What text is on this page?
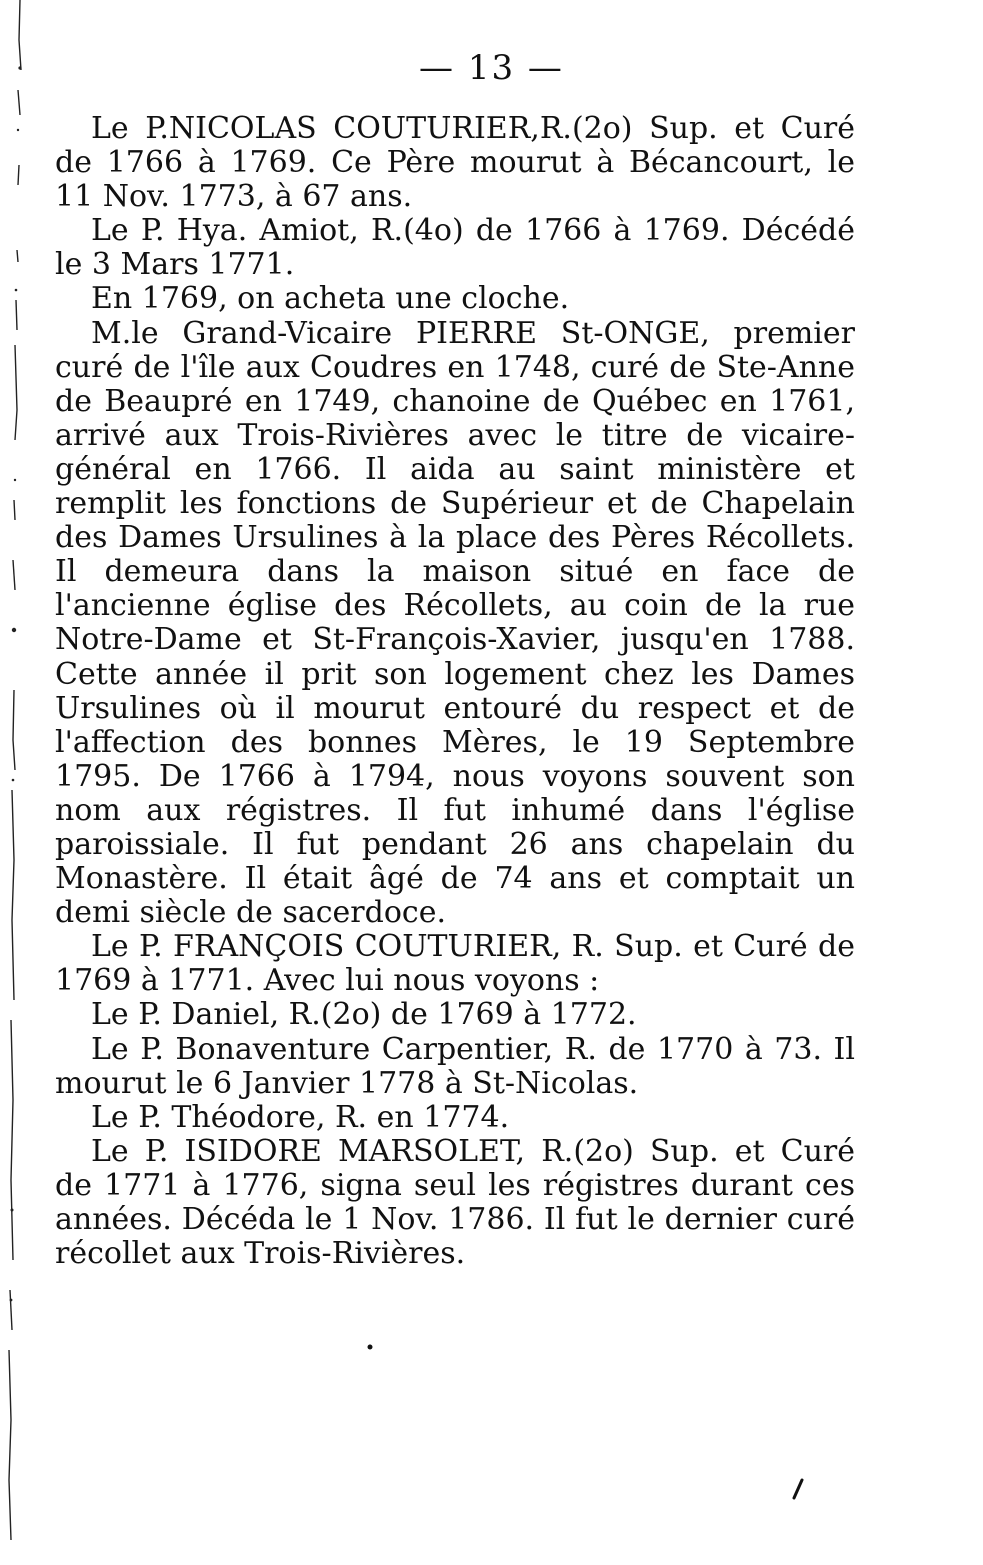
— 13 —

Le P.NICOLAS COUTURIER,R.(2o) Sup. et Curé de 1766 à 1769. Ce Père mourut à Bécancourt, le 11 Nov. 1773, à 67 ans.

Le P. Hya. Amiot, R.(4o) de 1766 à 1769. Décédé le 3 Mars 1771.

En 1769, on acheta une cloche.

M.le Grand-Vicaire PIERRE St-ONGE, premier curé de l'île aux Coudres en 1748, curé de Ste-Anne de Beaupré en 1749, chanoine de Québec en 1761, arrivé aux Trois-Rivières avec le titre de vicaire-général en 1766. Il aida au saint ministère et remplit les fonctions de Supérieur et de Chapelain des Dames Ursulines à la place des Pères Récollets. Il demeura dans la maison situé en face de l'ancienne église des Récollets, au coin de la rue Notre-Dame et St-François-Xavier, jusqu'en 1788. Cette année il prit son logement chez les Dames Ursulines où il mourut entouré du respect et de l'affection des bonnes Mères, le 19 Septembre 1795. De 1766 à 1794, nous voyons souvent son nom aux régistres. Il fut inhumé dans l'église paroissiale. Il fut pendant 26 ans chapelain du Monastère. Il était âgé de 74 ans et comptait un demi siècle de sacerdoce.

Le P. FRANÇOIS COUTURIER, R. Sup. et Curé de 1769 à 1771. Avec lui nous voyons :

Le P. Daniel, R.(2o) de 1769 à 1772.

Le P. Bonaventure Carpentier, R. de 1770 à 73. Il mourut le 6 Janvier 1778 à St-Nicolas.

Le P. Théodore, R. en 1774.

Le P. ISIDORE MARSOLET, R.(2o) Sup. et Curé de 1771 à 1776, signa seul les régistres durant ces années. Décéda le 1 Nov. 1786. Il fut le dernier curé récollet aux Trois-Rivières.
